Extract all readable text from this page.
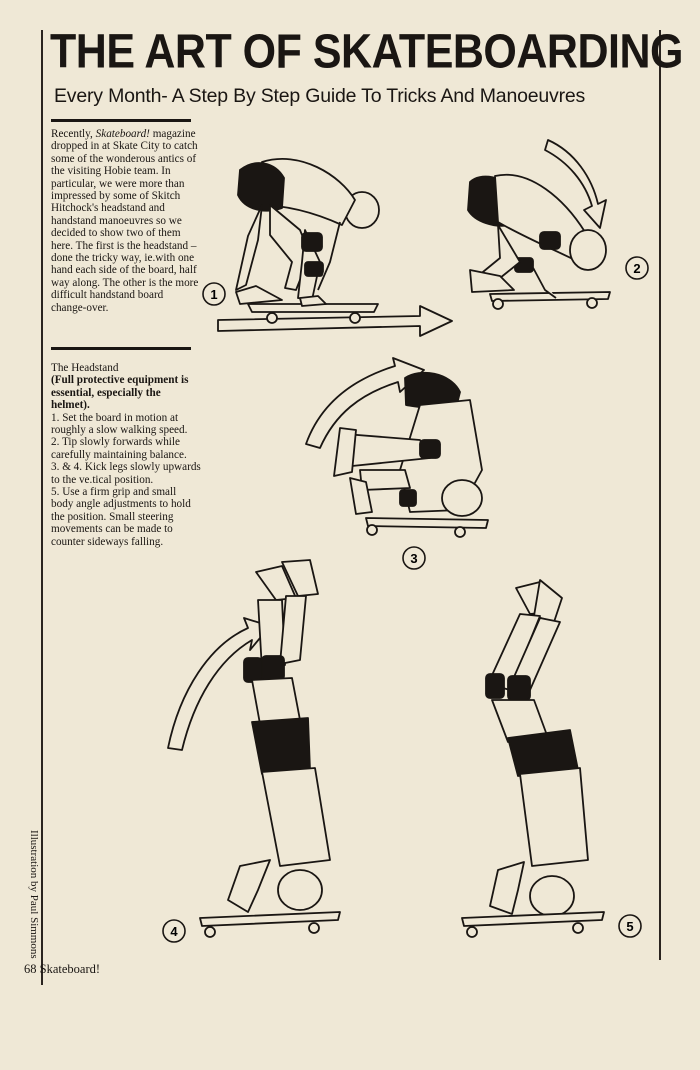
THE ART OF SKATEBOARDING
Every Month- A Step By Step Guide To Tricks And Manoeuvres

Recently, Skateboard! magazine dropped in at Skate City to catch some of the wonderous antics of the visiting Hobie team. In particular, we were more than impressed by some of Skitch Hitchock's headstand and handstand manoeuvres so we decided to show two of them here. The first is the headstand – done the tricky way, ie.with one hand each side of the board, half way along. The other is the more difficult handstand board change-over.

The Headstand

(Full protective equipment is essential, especially the helmet).

1. Set the board in motion at roughly a slow walking speed.

2. Tip slowly forwards while carefully maintaining balance.

3. & 4. Kick legs slowly upwards to the ve.tical position.

5. Use a firm grip and small body angle adjustments to hold the position. Small steering movements can be made to counter sideways falling.

1
2
3
4	5
Illustration by Paul Simmons
68 Skateboard!
